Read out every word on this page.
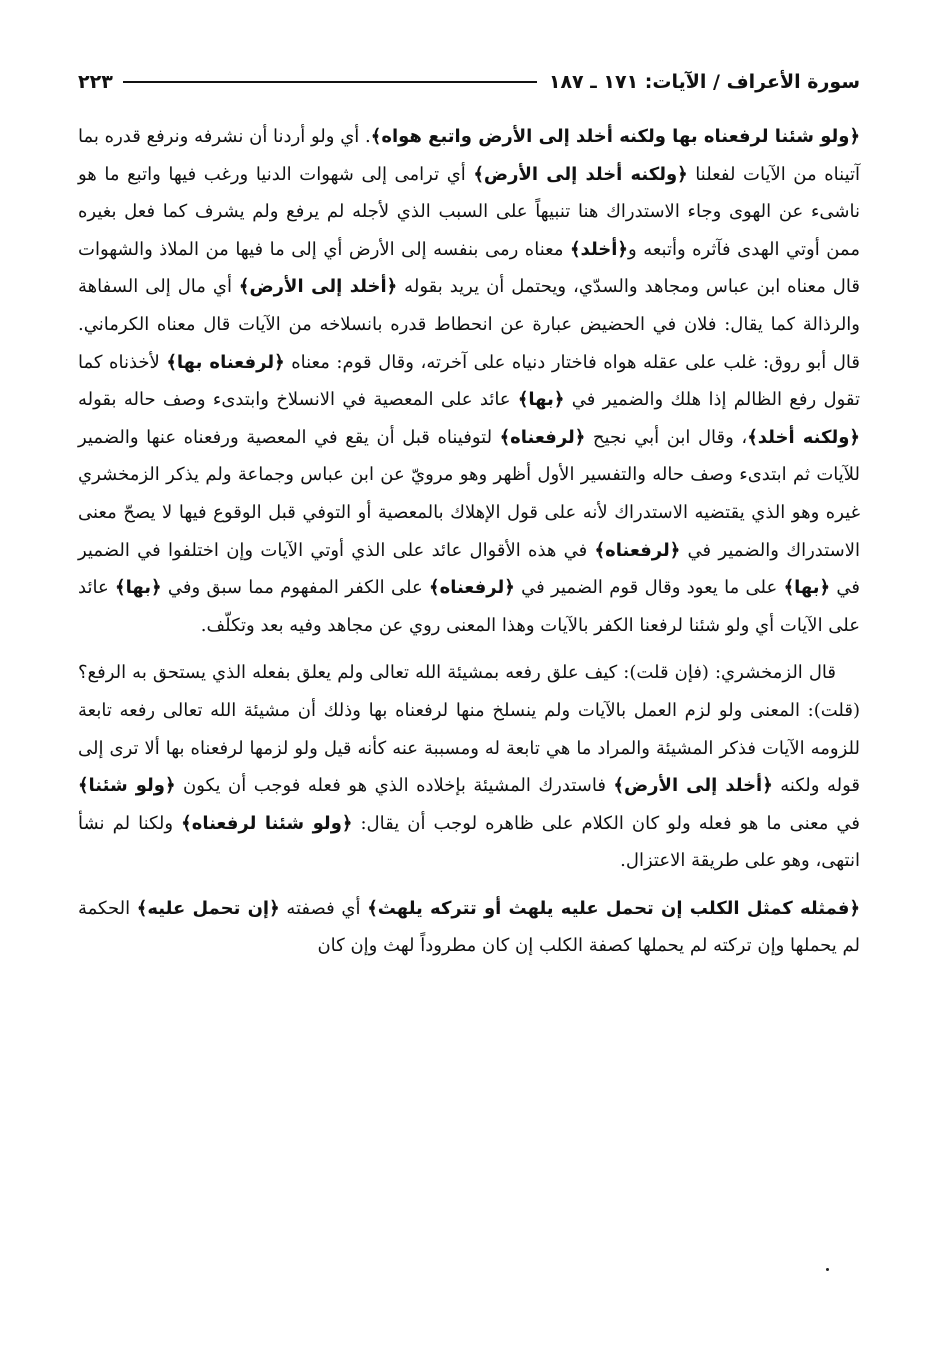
سورة الأعراف / الآيات: ١٧١ ـ ١٨٧
٢٢٣

﴿ولو شئنا لرفعناه بها ولكنه أخلد إلى الأرض واتبع هواه﴾. أي ولو أردنا أن نشرفه ونرفع قدره بما آتيناه من الآيات لفعلنا ﴿ولكنه أخلد إلى الأرض﴾ أي ترامى إلى شهوات الدنيا ورغب فيها واتبع ما هو ناشىء عن الهوى وجاء الاستدراك هنا تنبيهاً على السبب الذي لأجله لم يرفع ولم يشرف كما فعل بغيره ممن أوتي الهدى فآثره وأتبعه و﴿أخلد﴾ معناه رمى بنفسه إلى الأرض أي إلى ما فيها من الملاذ والشهوات قال معناه ابن عباس ومجاهد والسدّي، ويحتمل أن يريد بقوله ﴿أخلد إلى الأرض﴾ أي مال إلى السفاهة والرذالة كما يقال: فلان في الحضيض عبارة عن انحطاط قدره بانسلاخه من الآيات قال معناه الكرماني. قال أبو روق: غلب على عقله هواه فاختار دنياه على آخرته، وقال قوم: معناه ﴿لرفعناه بها﴾ لأخذناه كما تقول رفع الظالم إذا هلك والضمير في ﴿بها﴾ عائد على المعصية في الانسلاخ وابتدىء وصف حاله بقوله ﴿ولكنه أخلد﴾، وقال ابن أبي نجيح ﴿لرفعناه﴾ لتوفيناه قبل أن يقع في المعصية ورفعناه عنها والضمير للآيات ثم ابتدىء وصف حاله والتفسير الأول أظهر وهو مرويّ عن ابن عباس وجماعة ولم يذكر الزمخشري غيره وهو الذي يقتضيه الاستدراك لأنه على قول الإهلاك بالمعصية أو التوفي قبل الوقوع فيها لا يصحّ معنى الاستدراك والضمير في ﴿لرفعناه﴾ في هذه الأقوال عائد على الذي أوتي الآيات وإن اختلفوا في الضمير في ﴿بها﴾ على ما يعود وقال قوم الضمير في ﴿لرفعناه﴾ على الكفر المفهوم مما سبق وفي ﴿بها﴾ عائد على الآيات أي ولو شئنا لرفعنا الكفر بالآيات وهذا المعنى روي عن مجاهد وفيه بعد وتكلّف.

قال الزمخشري: (فإن قلت): كيف علق رفعه بمشيئة الله تعالى ولم يعلق بفعله الذي يستحق به الرفع؟ (قلت): المعنى ولو لزم العمل بالآيات ولم ينسلخ منها لرفعناه بها وذلك أن مشيئة الله تعالى رفعه تابعة للزومه الآيات فذكر المشيئة والمراد ما هي تابعة له ومسببة عنه كأنه قيل ولو لزمها لرفعناه بها ألا ترى إلى قوله ولكنه ﴿أخلد إلى الأرض﴾ فاستدرك المشيئة بإخلاده الذي هو فعله فوجب أن يكون ﴿ولو شئنا﴾ في معنى ما هو فعله ولو كان الكلام على ظاهره لوجب أن يقال: ﴿ولو شئنا لرفعناه﴾ ولكنا لم نشأ انتهى، وهو على طريقة الاعتزال.

﴿فمثله كمثل الكلب إن تحمل عليه يلهث أو تتركه يلهث﴾ أي فصفته ﴿إن تحمل عليه﴾ الحكمة لم يحملها وإن تركته لم يحملها كصفة الكلب إن كان مطروداً لهث وإن كان
